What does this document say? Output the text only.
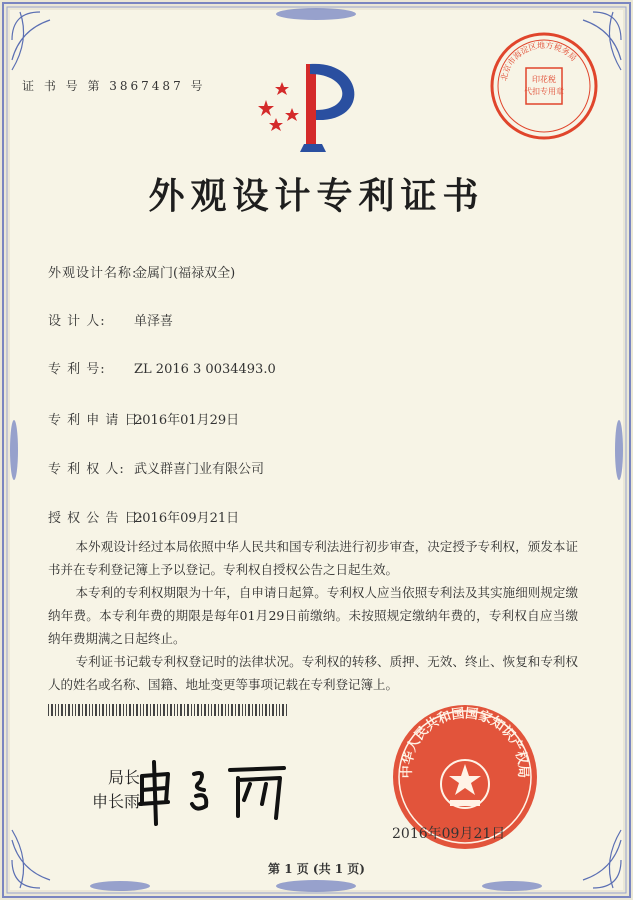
证 书 号 第 3867487 号	印花税
代扣专用章
北京市海淀区地方税务局
外观设计专利证书
外观设计名称:金属门(福禄双全)
设 计 人: 单泽喜
专 利 号: ZL 2016 3 0034493.0
专 利 申 请 日:2016年01月29日
专 利 权 人: 武义群喜门业有限公司
授 权 公 告 日:2016年09月21日

本外观设计经过本局依照中华人民共和国专利法进行初步审查，决定授予专利权，颁发本证书并在专利登记簿上予以登记。专利权自授权公告之日起生效。

本专利的专利权期限为十年，自申请日起算。专利权人应当依照专利法及其实施细则规定缴纳年费。本专利年费的期限是每年01月29日前缴纳。未按照规定缴纳年费的，专利权自应当缴纳年费期满之日起终止。

专利证书记载专利权登记时的法律状况。专利权的转移、质押、无效、终止、恢复和专利权人的姓名或名称、国籍、地址变更等事项记载在专利登记簿上。

局长
申长雨
中华人民共和国国家知识产权局
2016年09月21日
第 1 页 (共 1 页)
